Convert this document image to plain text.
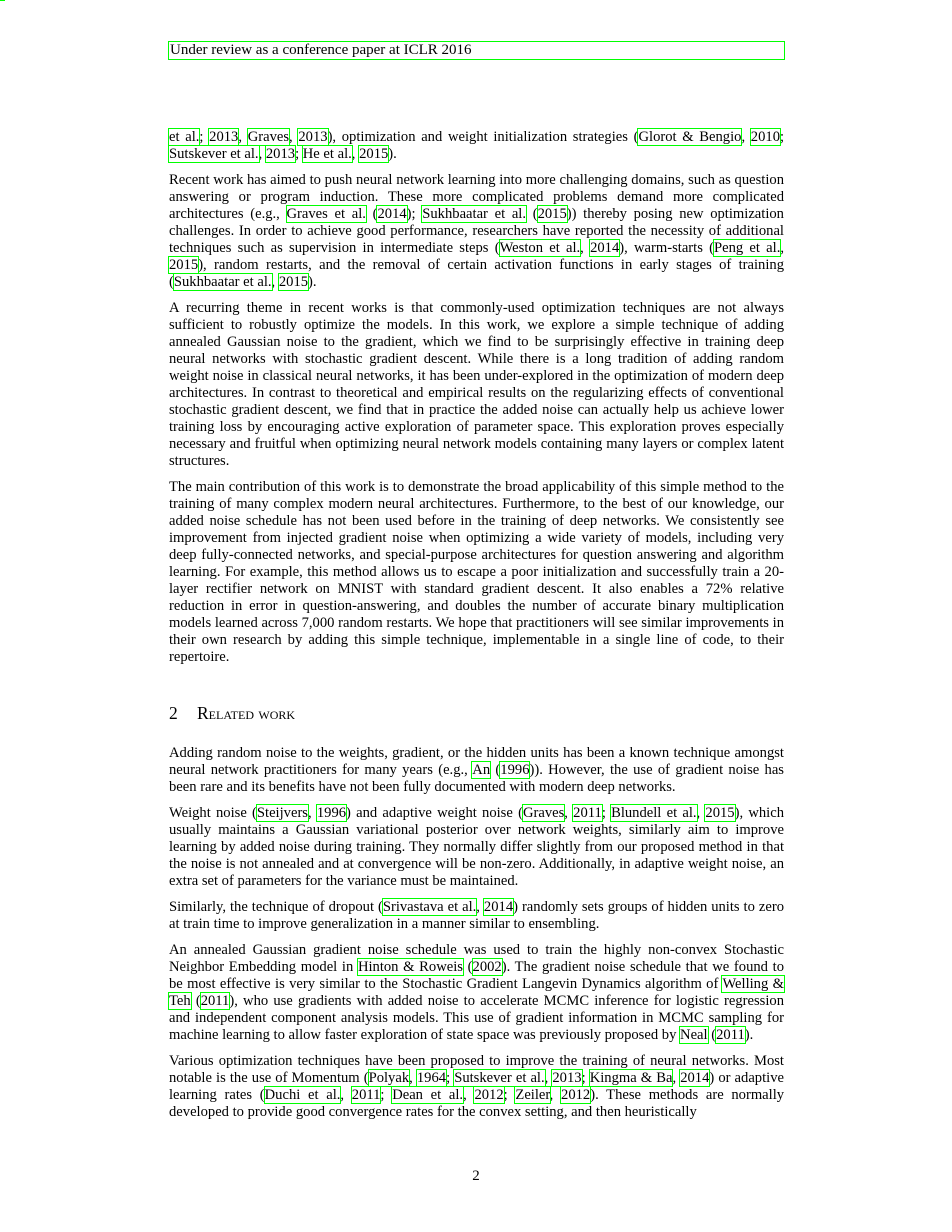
Under review as a conference paper at ICLR 2016

et al.; 2013, Graves, 2013), optimization and weight initialization strategies (Glorot & Bengio, 2010; Sutskever et al., 2013; He et al., 2015).

Recent work has aimed to push neural network learning into more challenging domains, such as question answering or program induction. These more complicated problems demand more complicated architectures (e.g., Graves et al. (2014); Sukhbaatar et al. (2015)) thereby posing new optimization challenges. In order to achieve good performance, researchers have reported the necessity of additional techniques such as supervision in intermediate steps (Weston et al., 2014), warm-starts (Peng et al., 2015), random restarts, and the removal of certain activation functions in early stages of training (Sukhbaatar et al., 2015).

A recurring theme in recent works is that commonly-used optimization techniques are not always sufficient to robustly optimize the models. In this work, we explore a simple technique of adding annealed Gaussian noise to the gradient, which we find to be surprisingly effective in training deep neural networks with stochastic gradient descent. While there is a long tradition of adding random weight noise in classical neural networks, it has been under-explored in the optimization of modern deep architectures. In contrast to theoretical and empirical results on the regularizing effects of conventional stochastic gradient descent, we find that in practice the added noise can actually help us achieve lower training loss by encouraging active exploration of parameter space. This exploration proves especially necessary and fruitful when optimizing neural network models containing many layers or complex latent structures.

The main contribution of this work is to demonstrate the broad applicability of this simple method to the training of many complex modern neural architectures. Furthermore, to the best of our knowledge, our added noise schedule has not been used before in the training of deep networks. We consistently see improvement from injected gradient noise when optimizing a wide variety of models, including very deep fully-connected networks, and special-purpose architectures for question answering and algorithm learning. For example, this method allows us to escape a poor initialization and successfully train a 20-layer rectifier network on MNIST with standard gradient descent. It also enables a 72% relative reduction in error in question-answering, and doubles the number of accurate binary multiplication models learned across 7,000 random restarts. We hope that practitioners will see similar improvements in their own research by adding this simple technique, implementable in a single line of code, to their repertoire.

2 Related work

Adding random noise to the weights, gradient, or the hidden units has been a known technique amongst neural network practitioners for many years (e.g., An (1996)). However, the use of gradient noise has been rare and its benefits have not been fully documented with modern deep networks.

Weight noise (Steijvers, 1996) and adaptive weight noise (Graves, 2011; Blundell et al., 2015), which usually maintains a Gaussian variational posterior over network weights, similarly aim to improve learning by added noise during training. They normally differ slightly from our proposed method in that the noise is not annealed and at convergence will be non-zero. Additionally, in adaptive weight noise, an extra set of parameters for the variance must be maintained.

Similarly, the technique of dropout (Srivastava et al., 2014) randomly sets groups of hidden units to zero at train time to improve generalization in a manner similar to ensembling.

An annealed Gaussian gradient noise schedule was used to train the highly non-convex Stochastic Neighbor Embedding model in Hinton & Roweis (2002). The gradient noise schedule that we found to be most effective is very similar to the Stochastic Gradient Langevin Dynamics algorithm of Welling & Teh (2011), who use gradients with added noise to accelerate MCMC inference for logistic regression and independent component analysis models. This use of gradient information in MCMC sampling for machine learning to allow faster exploration of state space was previously proposed by Neal (2011).

Various optimization techniques have been proposed to improve the training of neural networks. Most notable is the use of Momentum (Polyak, 1964; Sutskever et al., 2013; Kingma & Ba, 2014) or adaptive learning rates (Duchi et al., 2011; Dean et al., 2012; Zeiler, 2012). These methods are normally developed to provide good convergence rates for the convex setting, and then heuristically

2
